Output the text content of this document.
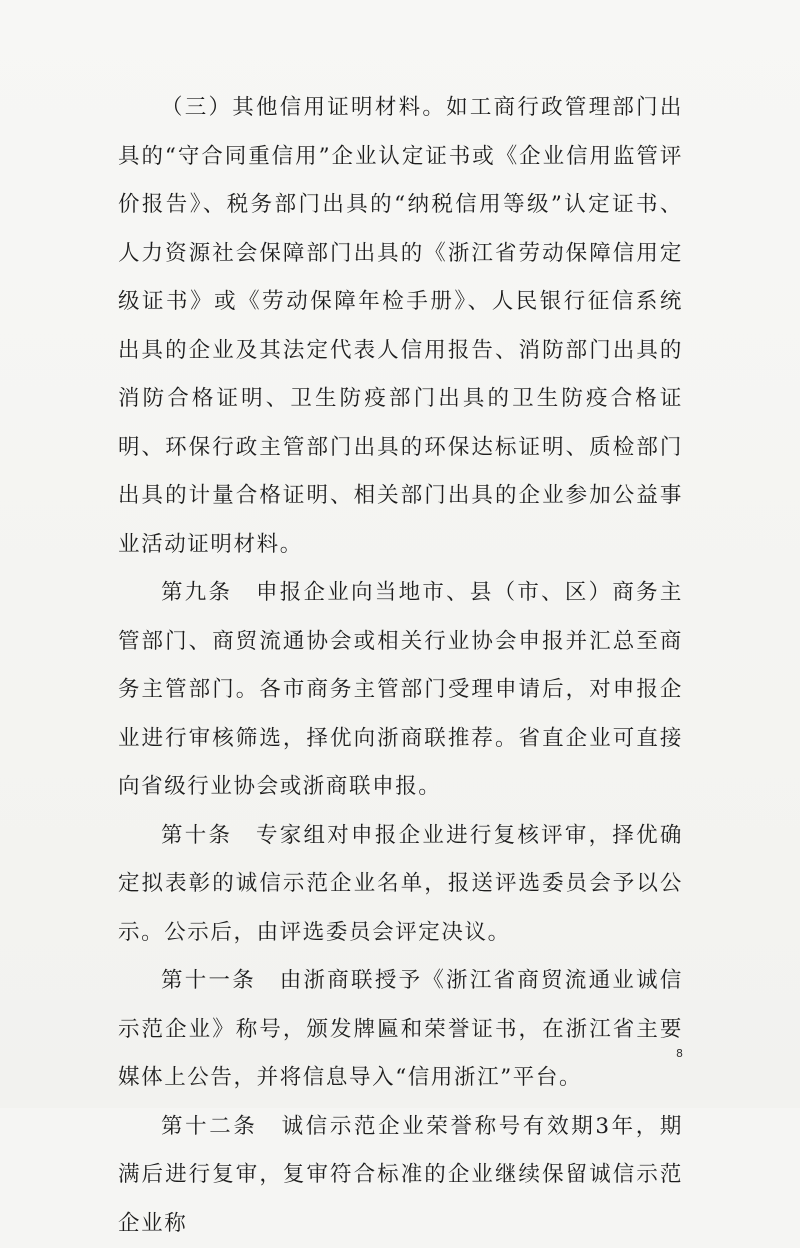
（三）其他信用证明材料。如工商行政管理部门出具的“守合同重信用”企业认定证书或《企业信用监管评价报告》、税务部门出具的“纳税信用等级”认定证书、人力资源社会保障部门出具的《浙江省劳动保障信用定级证书》或《劳动保障年检手册》、人民银行征信系统出具的企业及其法定代表人信用报告、消防部门出具的消防合格证明、卫生防疫部门出具的卫生防疫合格证明、环保行政主管部门出具的环保达标证明、质检部门出具的计量合格证明、相关部门出具的企业参加公益事业活动证明材料。

第九条　申报企业向当地市、县（市、区）商务主管部门、商贸流通协会或相关行业协会申报并汇总至商务主管部门。各市商务主管部门受理申请后，对申报企业进行审核筛选，择优向浙商联推荐。省直企业可直接向省级行业协会或浙商联申报。

第十条　专家组对申报企业进行复核评审，择优确定拟表彰的诚信示范企业名单，报送评选委员会予以公示。公示后，由评选委员会评定决议。

第十一条　由浙商联授予《浙江省商贸流通业诚信示范企业》称号，颁发牌匾和荣誉证书，在浙江省主要媒体上公告，并将信息导入“信用浙江”平台。

第十二条　诚信示范企业荣誉称号有效期3年，期满后进行复审，复审符合标准的企业继续保留诚信示范企业称

8
